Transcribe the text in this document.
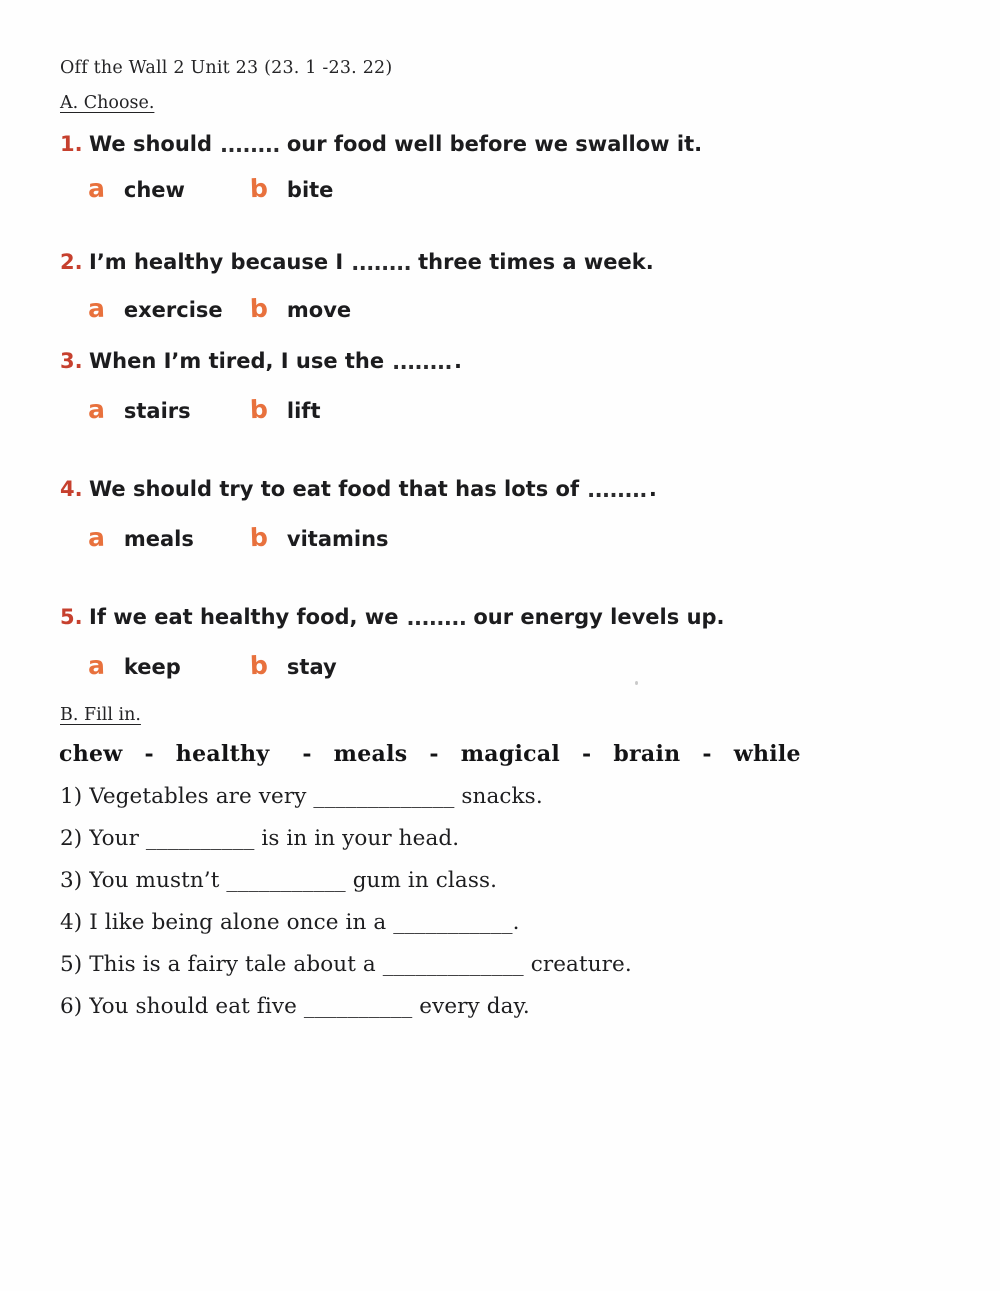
Off the Wall 2 Unit 23 (23. 1 -23. 22)
A. Choose.
1. We should ........ our food well before we swallow it.
a chew	b bite
2. I’m healthy because I ........ three times a week.
a exercise b move
3. When I’m tired, I use the .........
a stairs b lift
4. We should try to eat food that has lots of .........
a meals b vitamins
5. If we eat healthy food, we ........ our energy levels up.
a keep	b stay
B. Fill in.
chew  -  healthy   -  meals  -  magical  -  brain  -  while
1) Vegetables are very _____________ snacks.
2) Your __________ is in in your head.
3) You mustn’t ___________ gum in class.
4) I like being alone once in a ___________.
5) This is a fairy tale about a _____________ creature.
6) You should eat five __________ every day.
